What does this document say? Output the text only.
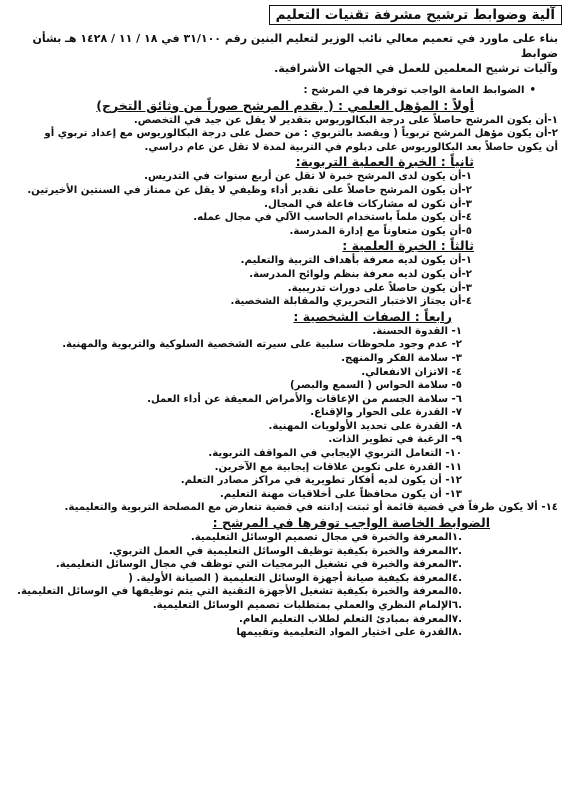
آلية وضوابط ترشيح مشرفة تقنيات التعليم
بناء على ماورد في تعميم معالي نائب الوزير لتعليم البنين رقم ٣١/١٠٠ في ١٨ / ١١ / ١٤٢٨ هـ بشأن ضوابط
وآليات ترشيح المعلمين للعمل في الجهات الأشرافية.
• الضوابط العامة الواجب توفرها في المرشح :
أولاً : المؤهل العلمي : ( يقدم المرشح صوراً من وثائق التخرج)
١-أن يكون المرشح حاصلاً على درجة البكالوريوس بتقدير لا يقل عن جيد في التخصص.
٢-أن يكون مؤهل المرشح تربوياً ( ويقصد بالتربوي : من حصل على درجة البكالوريوس مع إعداد تربوي أو
أن يكون حاصلاً بعد البكالوريوس على دبلوم في التربية لمدة لا تقل عن عام دراسي.
ثانياً : الخبرة العملية التربوية:
١-أن يكون لدى المرشح خبرة لا تقل عن أربع سنوات في التدريس.
٢-أن يكون المرشح حاصلاً على تقدير أداء وظيفي لا يقل عن ممتاز في السنتين الأخيرتين.
٣-أن تكون له مشاركات فاعلة في المجال.
٤-أن يكون ملماً باستخدام الحاسب الآلي في مجال عمله.
٥-أن يكون متعاوناً مع إدارة المدرسة.
ثالثاً : الخبرة العلمية :
١-أن يكون لديه معرفة بأهداف التربية والتعليم.
٢-أن يكون لديه معرفة بنظم ولوائح المدرسة.
٣-أن يكون حاصلاً على دورات تدريبية.
٤-أن يجتاز الاختبار التحريري والمقابلة الشخصية.
رابعاً : الصفات الشخصية :
١- القدوة الحسنة.
٢- عدم وجود ملحوظات سلبية على سيرته الشخصية السلوكية والتربوية والمهنية.
٣- سلامة الفكر والمنهج.
٤- الاتزان الانفعالي.
٥- سلامة الحواس ( السمع والبصر)
٦- سلامة الجسم من الإعاقات والأمراض المعيقة عن أداء العمل.
٧- القدرة على الحوار والإقناع.
٨- القدرة على تحديد الأولويات المهنية.
٩- الرغبة في تطوير الذات.
١٠- التعامل التربوي الإيجابي في المواقف التربوية.
١١- القدرة على تكوين علاقات إيجابية مع الآخرين.
١٢- أن يكون لديه أفكار تطويرية في مراكز مصادر التعلم.
١٣- أن يكون محافظاً على أخلاقيات مهنة التعليم.
١٤- ألا يكون طرفاً في قضية قائمة أو ثبتت إدانته في قضية تتعارض مع المصلحة التربوية والتعليمية.
الضوابط الخاصة الواجب توفرها في المرشح :
.١المعرفة والخبرة في مجال تصميم الوسائل التعليمية.
.٢المعرفة والخبرة بكيفية توظيف الوسائل التعليمية في العمل التربوي.
.٣المعرفة والخبرة في تشغيل البرمجيات التي توظف في مجال الوسائل التعليمية.
.٤المعرفة بكيفية صيانة أجهزة الوسائل التعليمية ( الصيانة الأولية. (
.٥المعرفة والخبرة بكيفية تشغيل الأجهزة التقنية التي يتم توظيفها في الوسائل التعليمية.
.٦الإلمام النظري والعملي بمتطلبات تصميم الوسائل التعليمية.
.٧المعرفة بمبادئ التعلم لطلاب التعليم العام.
.٨القدرة على اختيار المواد التعليمية وتقييمها
